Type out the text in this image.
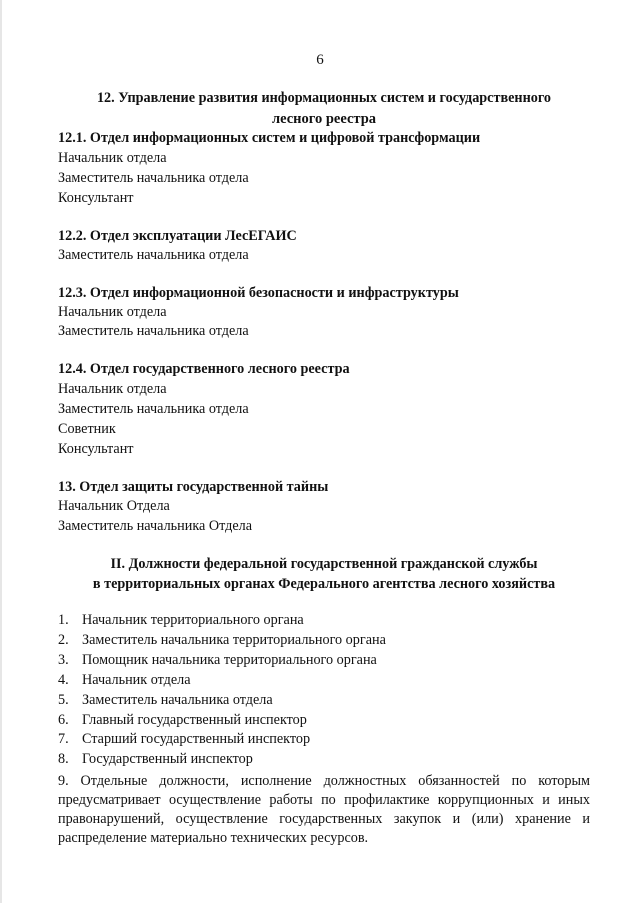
6
12. Управление развития информационных систем и государственного
лесного реестра
12.1. Отдел информационных систем и цифровой трансформации
Начальник отдела
Заместитель начальника отдела
Консультант
12.2. Отдел эксплуатации ЛесЕГАИС
Заместитель начальника отдела
12.3. Отдел информационной безопасности и инфраструктуры
Начальник отдела
Заместитель начальника отдела
12.4. Отдел государственного лесного реестра
Начальник отдела
Заместитель начальника отдела
Советник
Консультант
13. Отдел защиты государственной тайны
Начальник Отдела
Заместитель начальника Отдела
II. Должности федеральной государственной гражданской службы
в территориальных органах Федерального агентства лесного хозяйства
1. Начальник территориального органа
2. Заместитель начальника территориального органа
3. Помощник начальника территориального органа
4. Начальник отдела
5. Заместитель начальника отдела
6. Главный государственный инспектор
7. Старший государственный инспектор
8. Государственный инспектор
9. Отдельные должности, исполнение должностных обязанностей по которым предусматривает осуществление работы по профилактике коррупционных и иных правонарушений, осуществление государственных закупок и (или) хранение и распределение материально технических ресурсов.
